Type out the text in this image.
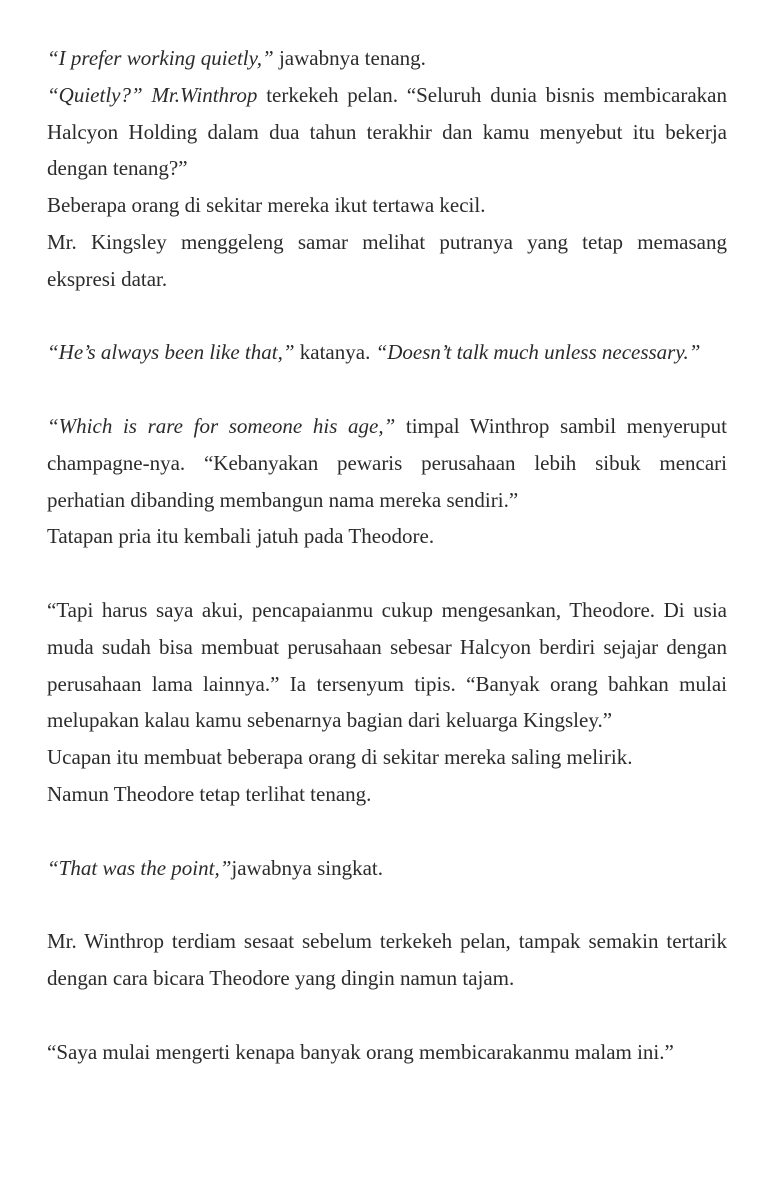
“I prefer working quietly,” jawabnya tenang.

“Quietly?” Mr.Winthrop terkekeh pelan. “Seluruh dunia bisnis membicarakan Halcyon Holding dalam dua tahun terakhir dan kamu menyebut itu bekerja dengan tenang?”

Beberapa orang di sekitar mereka ikut tertawa kecil.

Mr. Kingsley menggeleng samar melihat putranya yang tetap memasang ekspresi datar.

“He’s always been like that,” katanya. “Doesn’t talk much unless necessary.”

“Which is rare for someone his age,” timpal Winthrop sambil menyeruput champagne-nya. “Kebanyakan pewaris perusahaan lebih sibuk mencari perhatian dibanding membangun nama mereka sendiri.”

Tatapan pria itu kembali jatuh pada Theodore.

“Tapi harus saya akui, pencapaianmu cukup mengesankan, Theodore. Di usia muda sudah bisa membuat perusahaan sebesar Halcyon berdiri sejajar dengan perusahaan lama lainnya.” Ia tersenyum tipis. “Banyak orang bahkan mulai melupakan kalau kamu sebenarnya bagian dari keluarga Kingsley.”

Ucapan itu membuat beberapa orang di sekitar mereka saling melirik.

Namun Theodore tetap terlihat tenang.

“That was the point,”jawabnya singkat.

Mr. Winthrop terdiam sesaat sebelum terkekeh pelan, tampak semakin tertarik dengan cara bicara Theodore yang dingin namun tajam.

“Saya mulai mengerti kenapa banyak orang membicarakanmu malam ini.”
